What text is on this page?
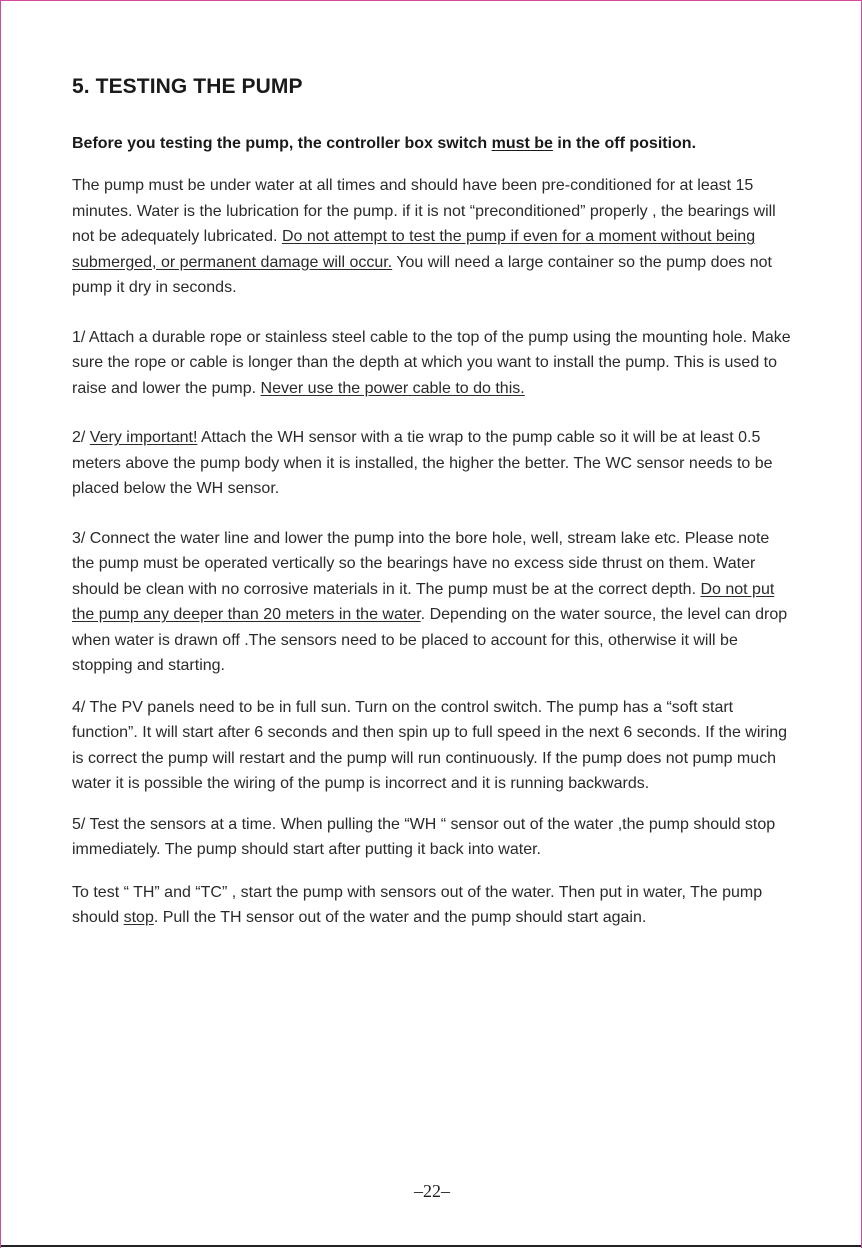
5. TESTING THE PUMP
Before you testing the pump, the controller box switch must be in the off position.

The pump must be under water at all times and should have been pre-conditioned for at least 15 minutes. Water is the lubrication for the pump. if it is not “preconditioned” properly , the bearings will not be adequately lubricated. Do not attempt to test the pump if even for a moment without being submerged, or permanent damage will occur. You will need a large container so the pump does not pump it dry in seconds.

1/ Attach a durable rope or stainless steel cable to the top of the pump using the mounting hole. Make sure the rope or cable is longer than the depth at which you want to install the pump. This is used to raise and lower the pump. Never use the power cable to do this.

2/ Very important! Attach the WH sensor with a tie wrap to the pump cable so it will be at least 0.5 meters above the pump body when it is installed, the higher the better. The WC sensor needs to be placed below the WH sensor.

3/ Connect the water line and lower the pump into the bore hole, well, stream lake etc. Please note the pump must be operated vertically so the bearings have no excess side thrust on them. Water should be clean with no corrosive materials in it. The pump must be at the correct depth. Do not put the pump any deeper than 20 meters in the water. Depending on the water source, the level can drop when water is drawn off .The sensors need to be placed to account for this, otherwise it will be stopping and starting.

4/ The PV panels need to be in full sun. Turn on the control switch. The pump has a “soft start function”. It will start after 6 seconds and then spin up to full speed in the next 6 seconds. If the wiring is correct the pump will restart and the pump will run continuously. If the pump does not pump much water it is possible the wiring of the pump is incorrect and it is running backwards.

5/ Test the sensors at a time. When pulling the “WH “ sensor out of the water ,the pump should stop immediately. The pump should start after putting it back into water.

To test “ TH” and “TC” , start the pump with sensors out of the water. Then put in water, The pump should stop. Pull the TH sensor out of the water and the pump should start again.

–22–
